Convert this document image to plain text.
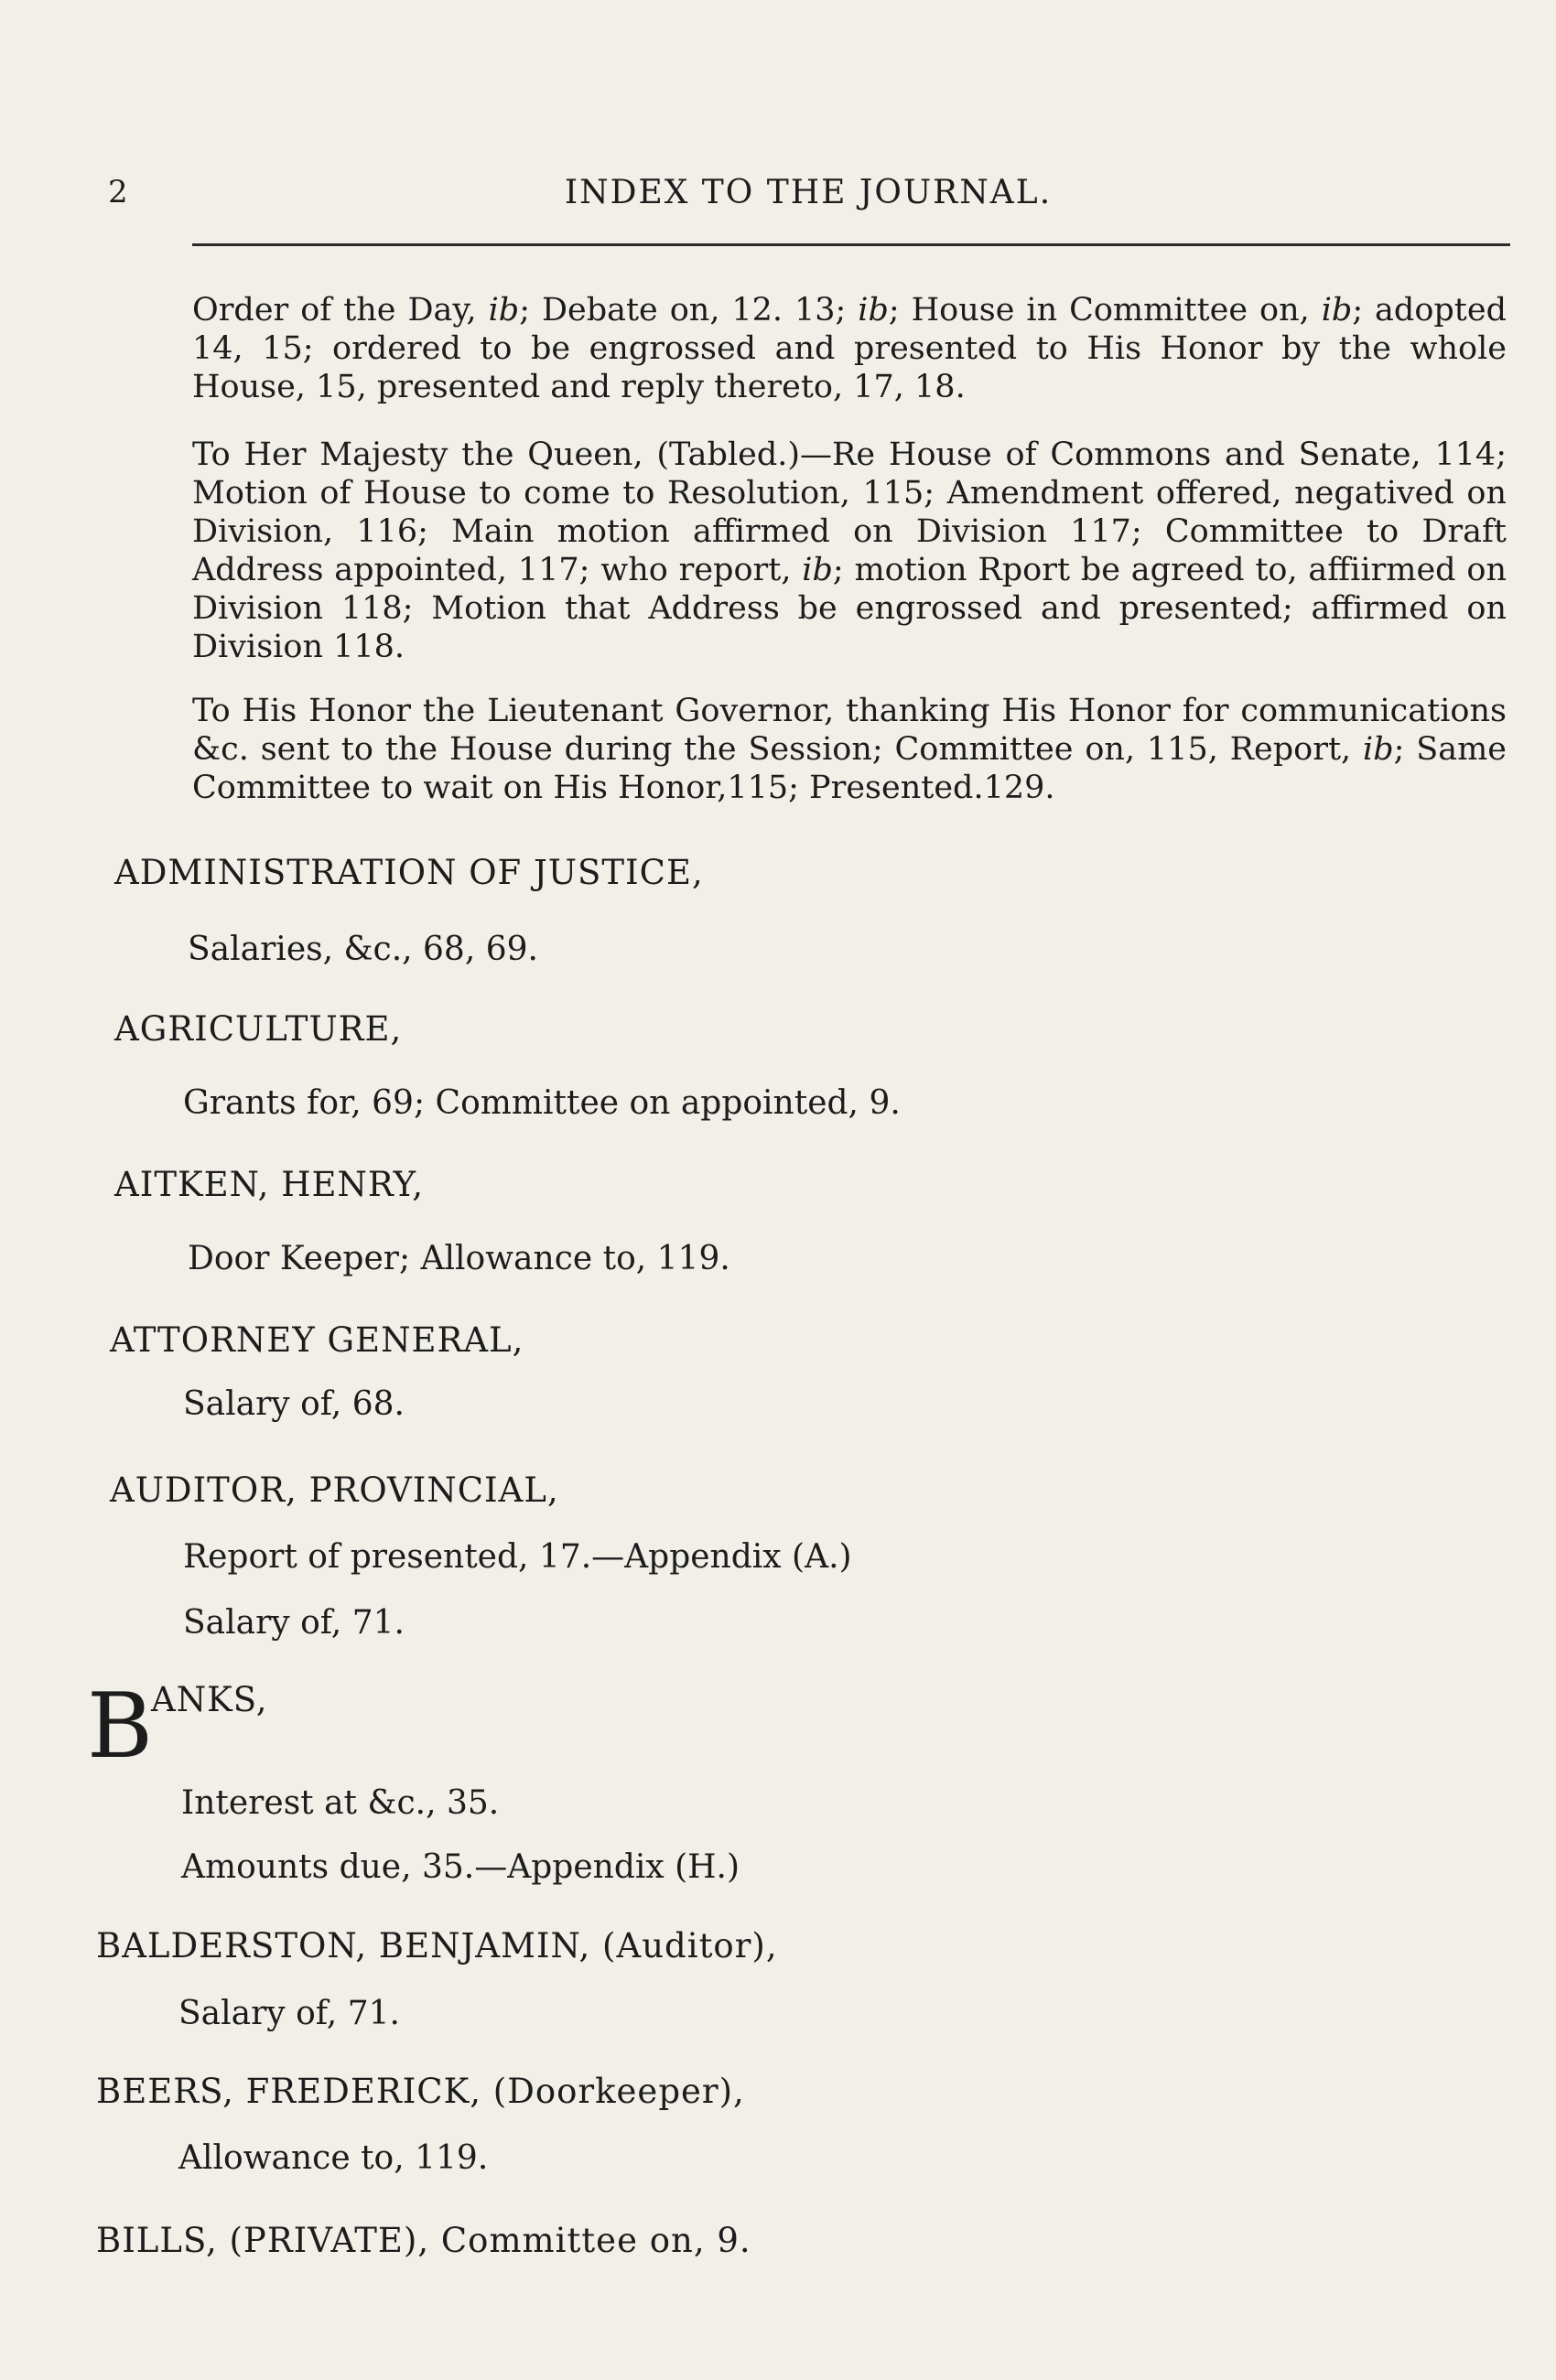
2	INDEX TO THE JOURNAL.
Order of the Day, ib; Debate on, 12. 13; ib; House in Committee on, ib; adopted 14, 15; ordered to be engrossed and presented to His Honor by the whole House, 15, presented and reply thereto, 17, 18.
To Her Majesty the Queen, (Tabled.)—Re House of Commons and Senate, 114; Motion of House to come to Resolution, 115; Amendment offered, negatived on Division, 116; Main motion affirmed on Division 117; Committee to Draft Address appointed, 117; who report, ib; motion Rport be agreed to, affiirmed on Division 118; Motion that Address be engrossed and presented; affirmed on Division 118.
To His Honor the Lieutenant Governor, thanking His Honor for communications &c. sent to the House during the Session; Committee on, 115, Report, ib; Same Committee to wait on His Honor,115; Presented.129.
ADMINISTRATION OF JUSTICE,
Salaries, &c., 68, 69.
AGRICULTURE,
Grants for, 69; Committee on appointed, 9.
AITKEN, HENRY,
Door Keeper; Allowance to, 119.
ATTORNEY GENERAL,
Salary of, 68.
AUDITOR, PROVINCIAL,
Report of presented, 17.—Appendix (A.)
Salary of, 71.
B
ANKS,
Interest at &c., 35.
Amounts due, 35.—Appendix (H.)
BALDERSTON, BENJAMIN, (Auditor),
Salary of, 71.
BEERS, FREDERICK, (Doorkeeper),
Allowance to, 119.
BILLS, (PRIVATE), Committee on, 9.
